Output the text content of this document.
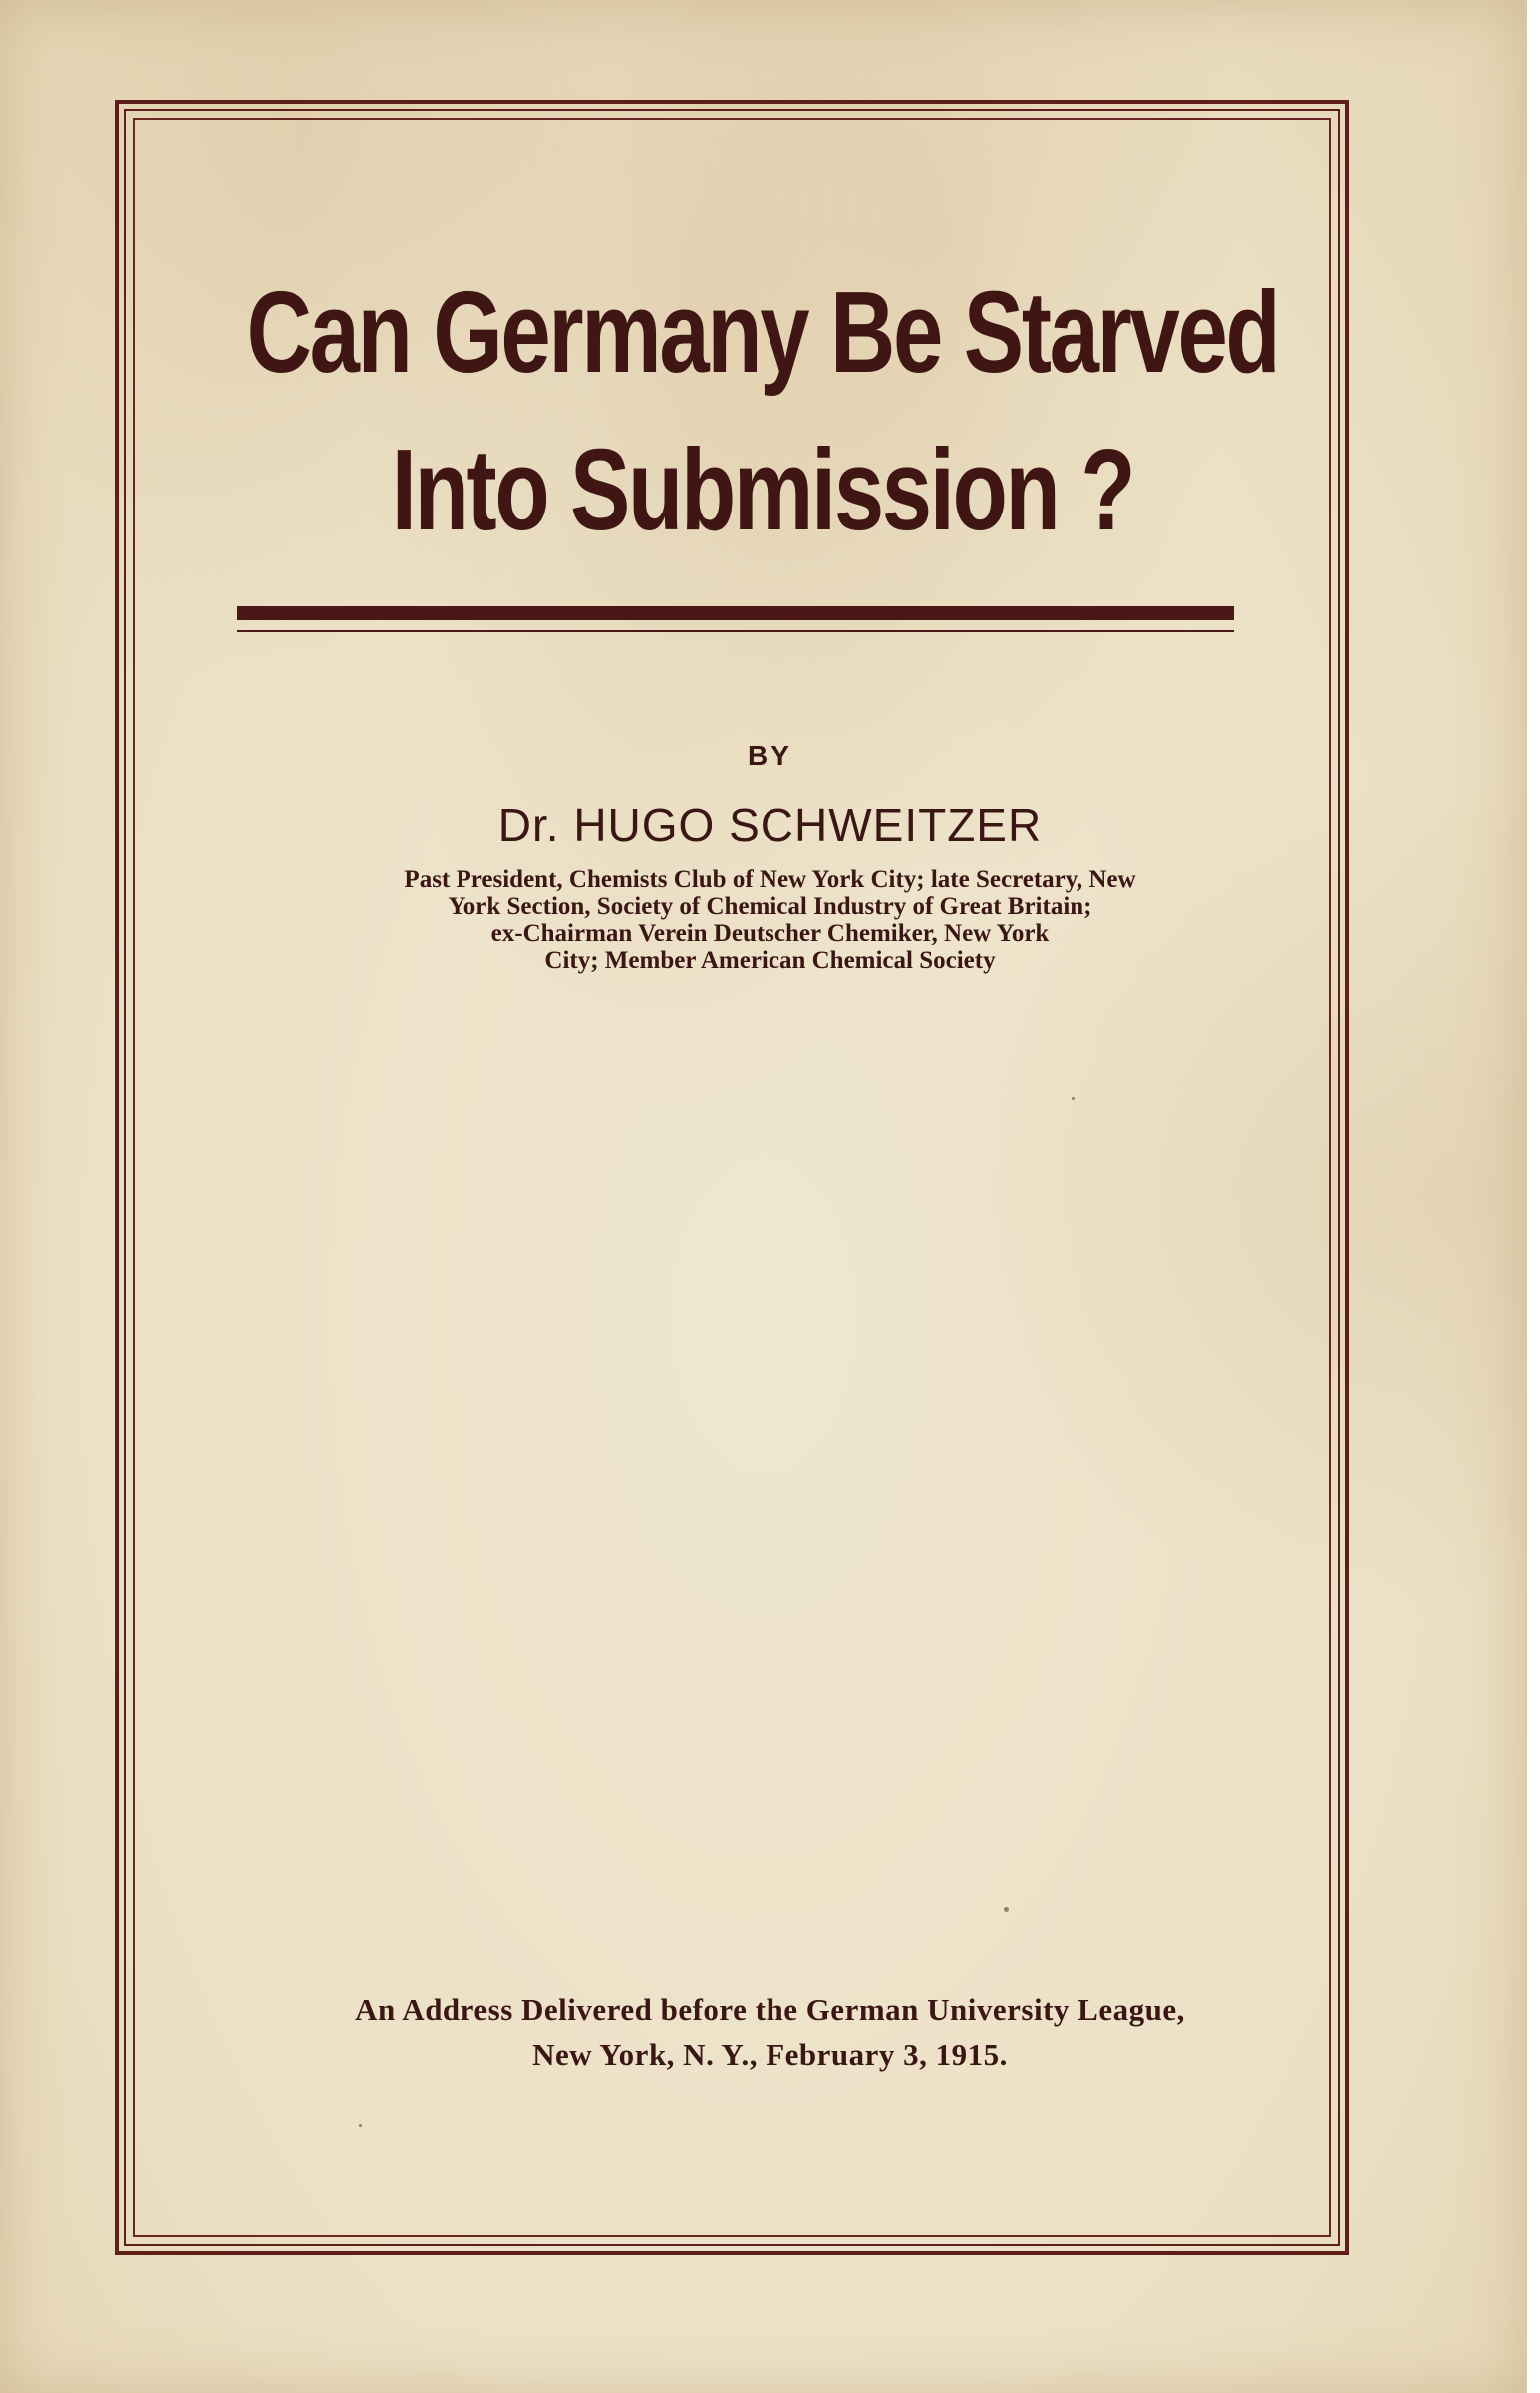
Can Germany Be Starved
Into Submission ?
BY
Dr. HUGO SCHWEITZER
Past President, Chemists Club of New York City; late Secretary, New
York Section, Society of Chemical Industry of Great Britain;
ex-Chairman Verein Deutscher Chemiker, New York
City; Member American Chemical Society
An Address Delivered before the German University League,
New York, N. Y., February 3, 1915.
